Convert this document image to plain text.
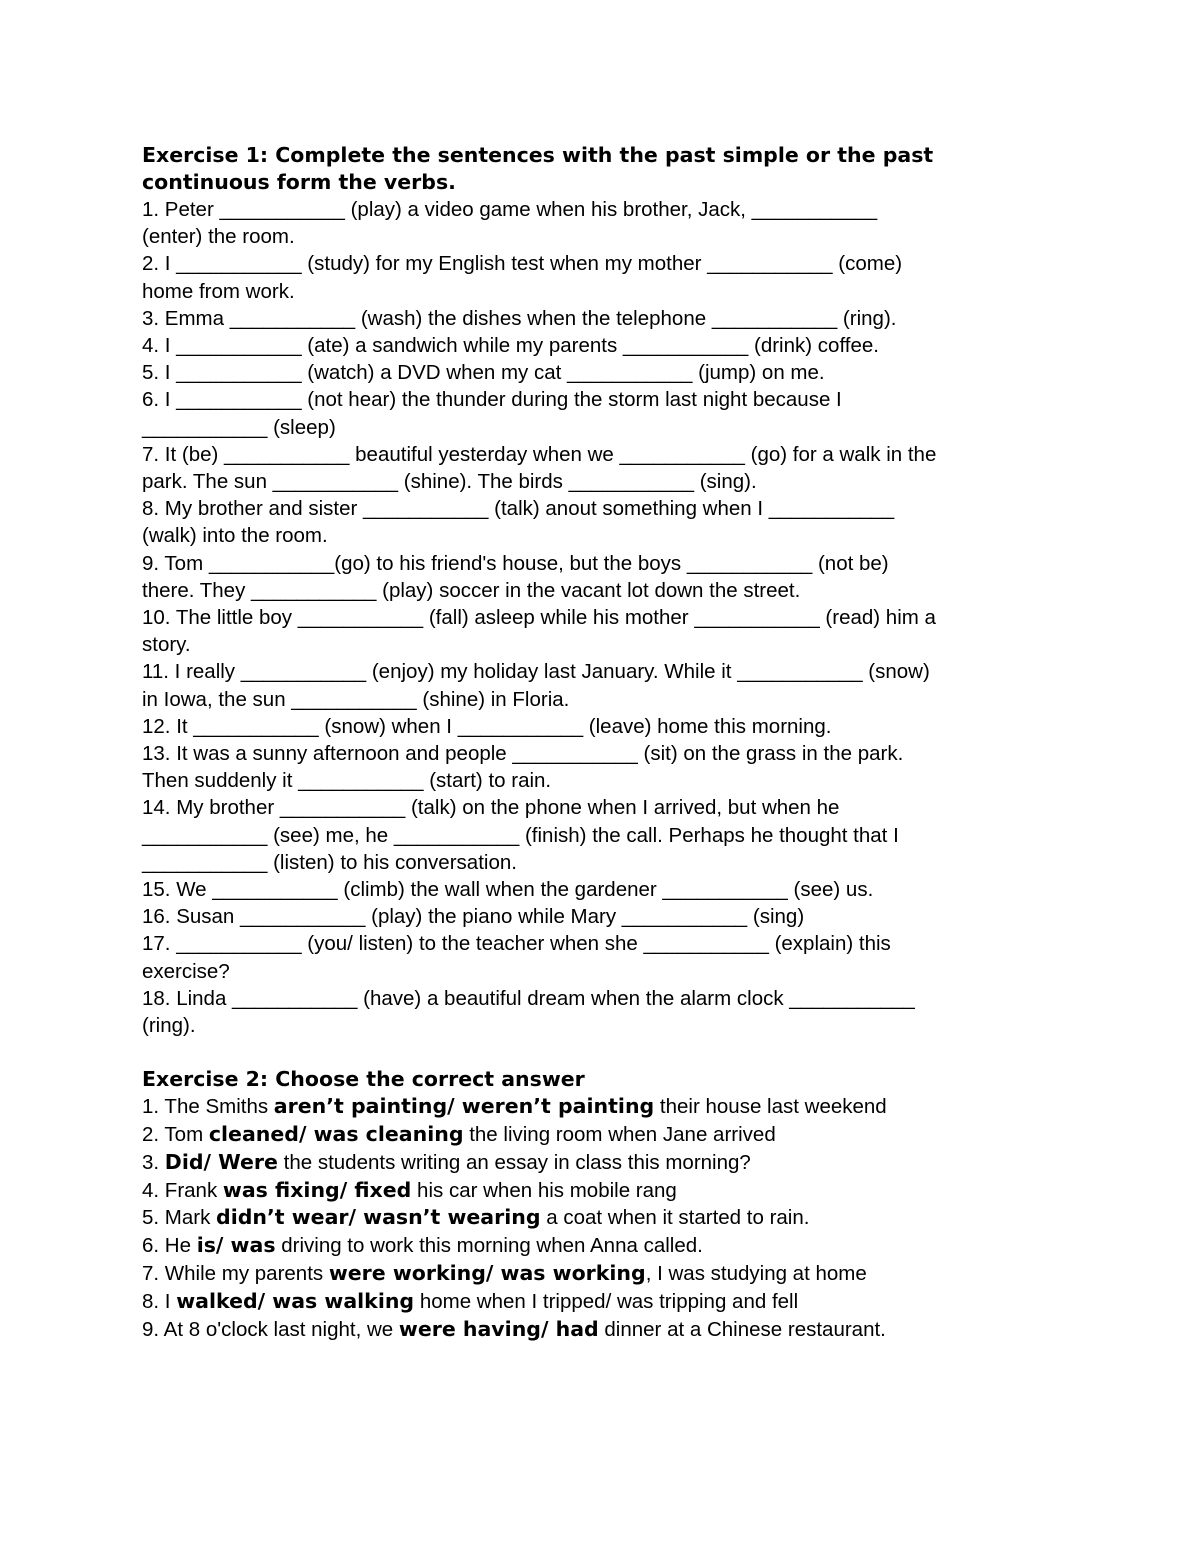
Exercise 1: Complete the sentences with the past simple or the past
continuous form the verbs.

1. Peter ___________ (play) a video game when his brother, Jack, ___________
(enter) the room.
2. I ___________ (study) for my English test when my mother ___________ (come)
home from work.
3. Emma ___________ (wash) the dishes when the telephone ___________ (ring).
4. I ___________ (ate) a sandwich while my parents ___________ (drink) coffee.
5. I ___________ (watch) a DVD when my cat ___________ (jump) on me.
6. I ___________ (not hear) the thunder during the storm last night because I
___________ (sleep)
7. It (be) ___________ beautiful yesterday when we ___________ (go) for a walk in the
park. The sun ___________ (shine). The birds ___________ (sing).
8. My brother and sister ___________ (talk) anout something when I ___________
(walk) into the room.
9. Tom ___________(go) to his friend's house, but the boys ___________ (not be)
there. They ___________ (play) soccer in the vacant lot down the street.
10. The little boy ___________ (fall) asleep while his mother ___________ (read) him a
story.
11. I really ___________ (enjoy) my holiday last January. While it ___________ (snow)
in Iowa, the sun ___________ (shine) in Floria.
12. It ___________ (snow) when I ___________ (leave) home this morning.
13. It was a sunny afternoon and people ___________ (sit) on the grass in the park.
Then suddenly it ___________ (start) to rain.
14. My brother ___________ (talk) on the phone when I arrived, but when he
___________ (see) me, he ___________ (finish) the call. Perhaps he thought that I
___________ (listen) to his conversation.
15. We ___________ (climb) the wall when the gardener ___________ (see) us.
16. Susan ___________ (play) the piano while Mary ___________ (sing)
17. ___________ (you/ listen) to the teacher when she ___________ (explain) this
exercise?
18. Linda ___________ (have) a beautiful dream when the alarm clock ___________
(ring).

Exercise 2: Choose the correct answer

1. The Smiths aren’t painting/ weren’t painting their house last weekend
2. Tom cleaned/ was cleaning the living room when Jane arrived
3. Did/ Were the students writing an essay in class this morning?
4. Frank was fixing/ fixed his car when his mobile rang
5. Mark didn’t wear/ wasn’t wearing a coat when it started to rain.
6. He is/ was driving to work this morning when Anna called.
7. While my parents were working/ was working, I was studying at home
8. I walked/ was walking home when I tripped/ was tripping and fell
9. At 8 o'clock last night, we were having/ had dinner at a Chinese restaurant.
